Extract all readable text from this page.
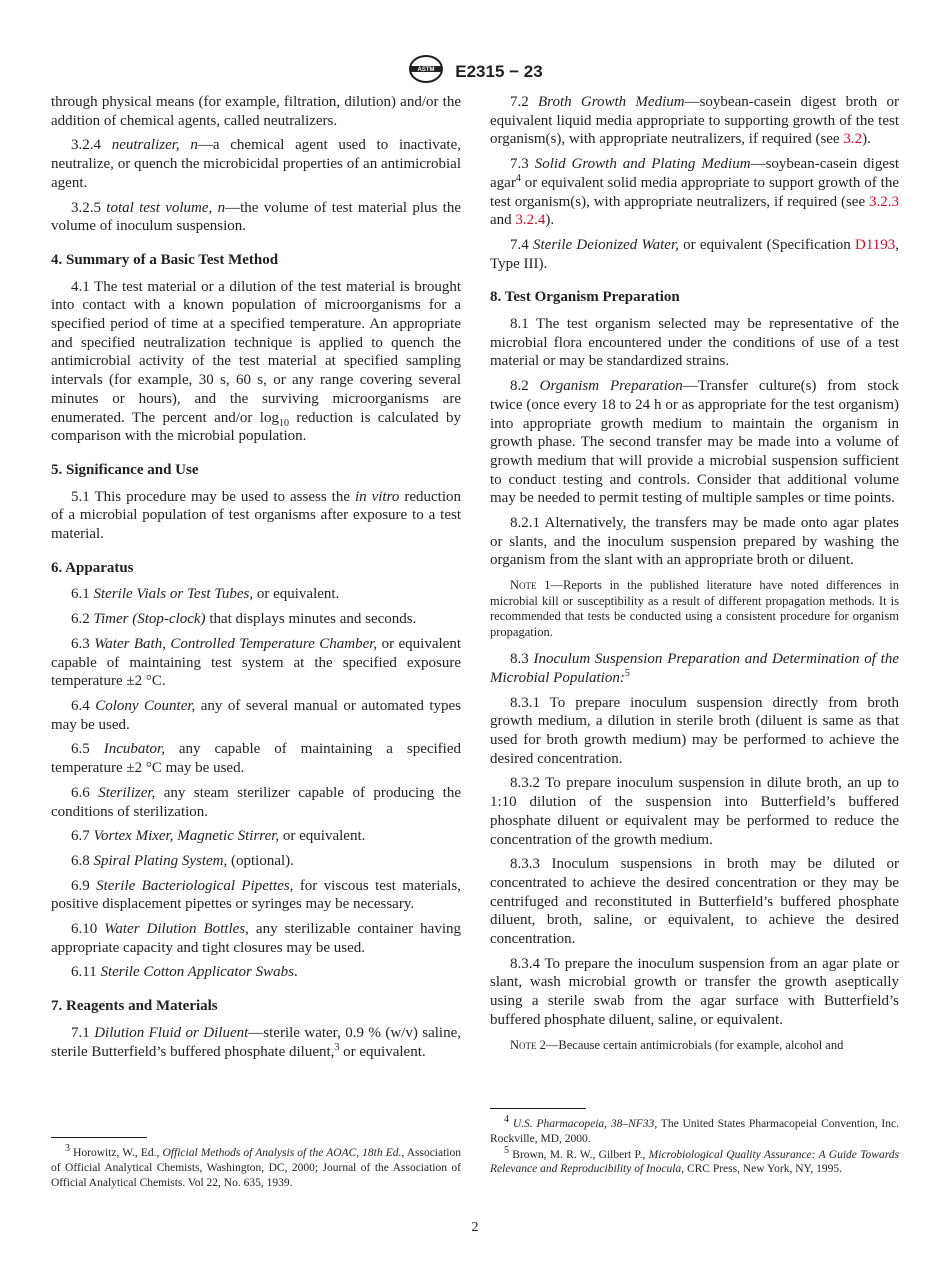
ASTM E2315 − 23

through physical means (for example, filtration, dilution) and/or the addition of chemical agents, called neutralizers.

3.2.4 neutralizer, n—a chemical agent used to inactivate, neutralize, or quench the microbicidal properties of an antimicrobial agent.

3.2.5 total test volume, n—the volume of test material plus the volume of inoculum suspension.

4. Summary of a Basic Test Method

4.1 The test material or a dilution of the test material is brought into contact with a known population of microorganisms for a specified period of time at a specified temperature. An appropriate and specified neutralization technique is applied to quench the antimicrobial activity of the test material at specified sampling intervals (for example, 30 s, 60 s, or any range covering several minutes or hours), and the surviving microorganisms are enumerated. The percent and/or $\log_{10}$ reduction is calculated by comparison with the microbial population.

5. Significance and Use

5.1 This procedure may be used to assess the in vitro reduction of a microbial population of test organisms after exposure to a test material.

6. Apparatus

6.1 Sterile Vials or Test Tubes, or equivalent.

6.2 Timer (Stop-clock) that displays minutes and seconds.

6.3 Water Bath, Controlled Temperature Chamber, or equivalent capable of maintaining test system at the specified exposure temperature ±2 °C.

6.4 Colony Counter, any of several manual or automated types may be used.

6.5 Incubator, any capable of maintaining a specified temperature ±2 °C may be used.

6.6 Sterilizer, any steam sterilizer capable of producing the conditions of sterilization.

6.7 Vortex Mixer, Magnetic Stirrer, or equivalent.

6.8 Spiral Plating System, (optional).

6.9 Sterile Bacteriological Pipettes, for viscous test materials, positive displacement pipettes or syringes may be necessary.

6.10 Water Dilution Bottles, any sterilizable container having appropriate capacity and tight closures may be used.

6.11 Sterile Cotton Applicator Swabs.

7. Reagents and Materials

7.1 Dilution Fluid or Diluent—sterile water, 0.9 % (w/v) saline, sterile Butterfield’s buffered phosphate diluent,$^3$ or equivalent.

$^3$ Horowitz, W., Ed., Official Methods of Analysis of the AOAC, 18th Ed., Association of Official Analytical Chemists, Washington, DC, 2000; Journal of the Association of Official Analytical Chemists. Vol 22, No. 635, 1939.

7.2 Broth Growth Medium—soybean-casein digest broth or equivalent liquid media appropriate to supporting growth of the test organism(s), with appropriate neutralizers, if required (see 3.2).

7.3 Solid Growth and Plating Medium—soybean-casein digest agar$^4$ or equivalent solid media appropriate to support growth of the test organism(s), with appropriate neutralizers, if required (see 3.2.3 and 3.2.4).

7.4 Sterile Deionized Water, or equivalent (Specification D1193, Type III).

8. Test Organism Preparation

8.1 The test organism selected may be representative of the microbial flora encountered under the conditions of use of a test material or may be standardized strains.

8.2 Organism Preparation—Transfer culture(s) from stock twice (once every 18 to 24 h or as appropriate for the test organism) into appropriate growth medium to maintain the organism in growth phase. The second transfer may be made into a volume of growth medium that will provide a microbial suspension sufficient to conduct testing and controls. Consider that additional volume may be needed to permit testing of multiple samples or time points.

8.2.1 Alternatively, the transfers may be made onto agar plates or slants, and the inoculum suspension prepared by washing the organism from the slant with an appropriate broth or diluent.

Note 1—Reports in the published literature have noted differences in microbial kill or susceptibility as a result of different propagation methods. It is recommended that tests be conducted using a consistent procedure for organism propagation.

8.3 Inoculum Suspension Preparation and Determination of the Microbial Population:$^5$

8.3.1 To prepare inoculum suspension directly from broth growth medium, a dilution in sterile broth (diluent is same as that used for broth growth medium) may be performed to achieve the desired concentration.

8.3.2 To prepare inoculum suspension in dilute broth, an up to 1:10 dilution of the suspension into Butterfield’s buffered phosphate diluent or equivalent may be performed to reduce the concentration of the growth medium.

8.3.3 Inoculum suspensions in broth may be diluted or concentrated to achieve the desired concentration or they may be centrifuged and reconstituted in Butterfield’s buffered phosphate diluent, broth, saline, or equivalent, to achieve the desired concentration.

8.3.4 To prepare the inoculum suspension from an agar plate or slant, wash microbial growth or transfer the growth aseptically using a sterile swab from the agar surface with Butterfield’s buffered phosphate diluent, saline, or equivalent.

Note 2—Because certain antimicrobials (for example, alcohol and

$^4$ U.S. Pharmacopeia, 38–NF33, The United States Pharmacopeial Convention, Inc. Rockville, MD, 2000.

$^5$ Brown, M. R. W., Gilbert P., Microbiological Quality Assurance: A Guide Towards Relevance and Reproducibility of Inocula, CRC Press, New York, NY, 1995.

2
